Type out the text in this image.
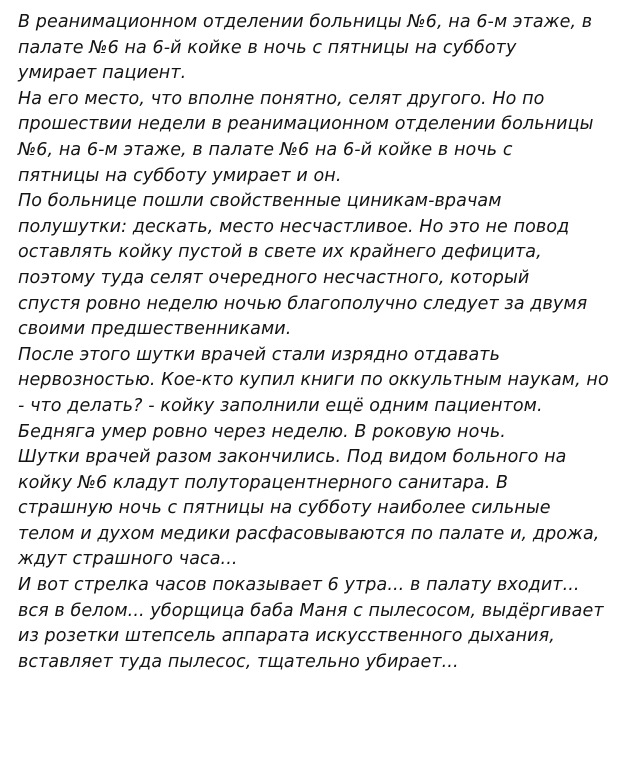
В реанимационном отделении больницы №6, на 6-м этаже, в
палате №6 на 6-й койке в ночь с пятницы на субботу
умирает пациент.
На его место, что вполне понятно, селят другого. Но по
прошествии недели в реанимационном отделении больницы
№6, на 6-м этаже, в палате №6 на 6-й койке в ночь с
пятницы на субботу умирает и он.
По больнице пошли свойственные циникам-врачам
полушутки: дескать, место несчастливое. Но это не повод
оставлять койку пустой в свете их крайнего дефицита,
поэтому туда селят очередного несчастного, который
спустя ровно неделю ночью благополучно следует за двумя
своими предшественниками.
После этого шутки врачей стали изрядно отдавать
нервозностью. Кое-кто купил книги по оккультным наукам, но
- что делать? - койку заполнили ещё одним пациентом.
Бедняга умер ровно через неделю. В роковую ночь.
Шутки врачей разом закончились. Под видом больного на
койку №6 кладут полуторацентнерного санитара. В
страшную ночь с пятницы на субботу наиболее сильные
телом и духом медики расфасовываются по палате и, дрожа,
ждут страшного часа...
И вот стрелка часов показывает 6 утра... в палату входит...
вся в белом... уборщица баба Маня с пылесосом, выдёргивает
из розетки штепсель аппарата искусственного дыхания,
вставляет туда пылесос, тщательно убирает...
